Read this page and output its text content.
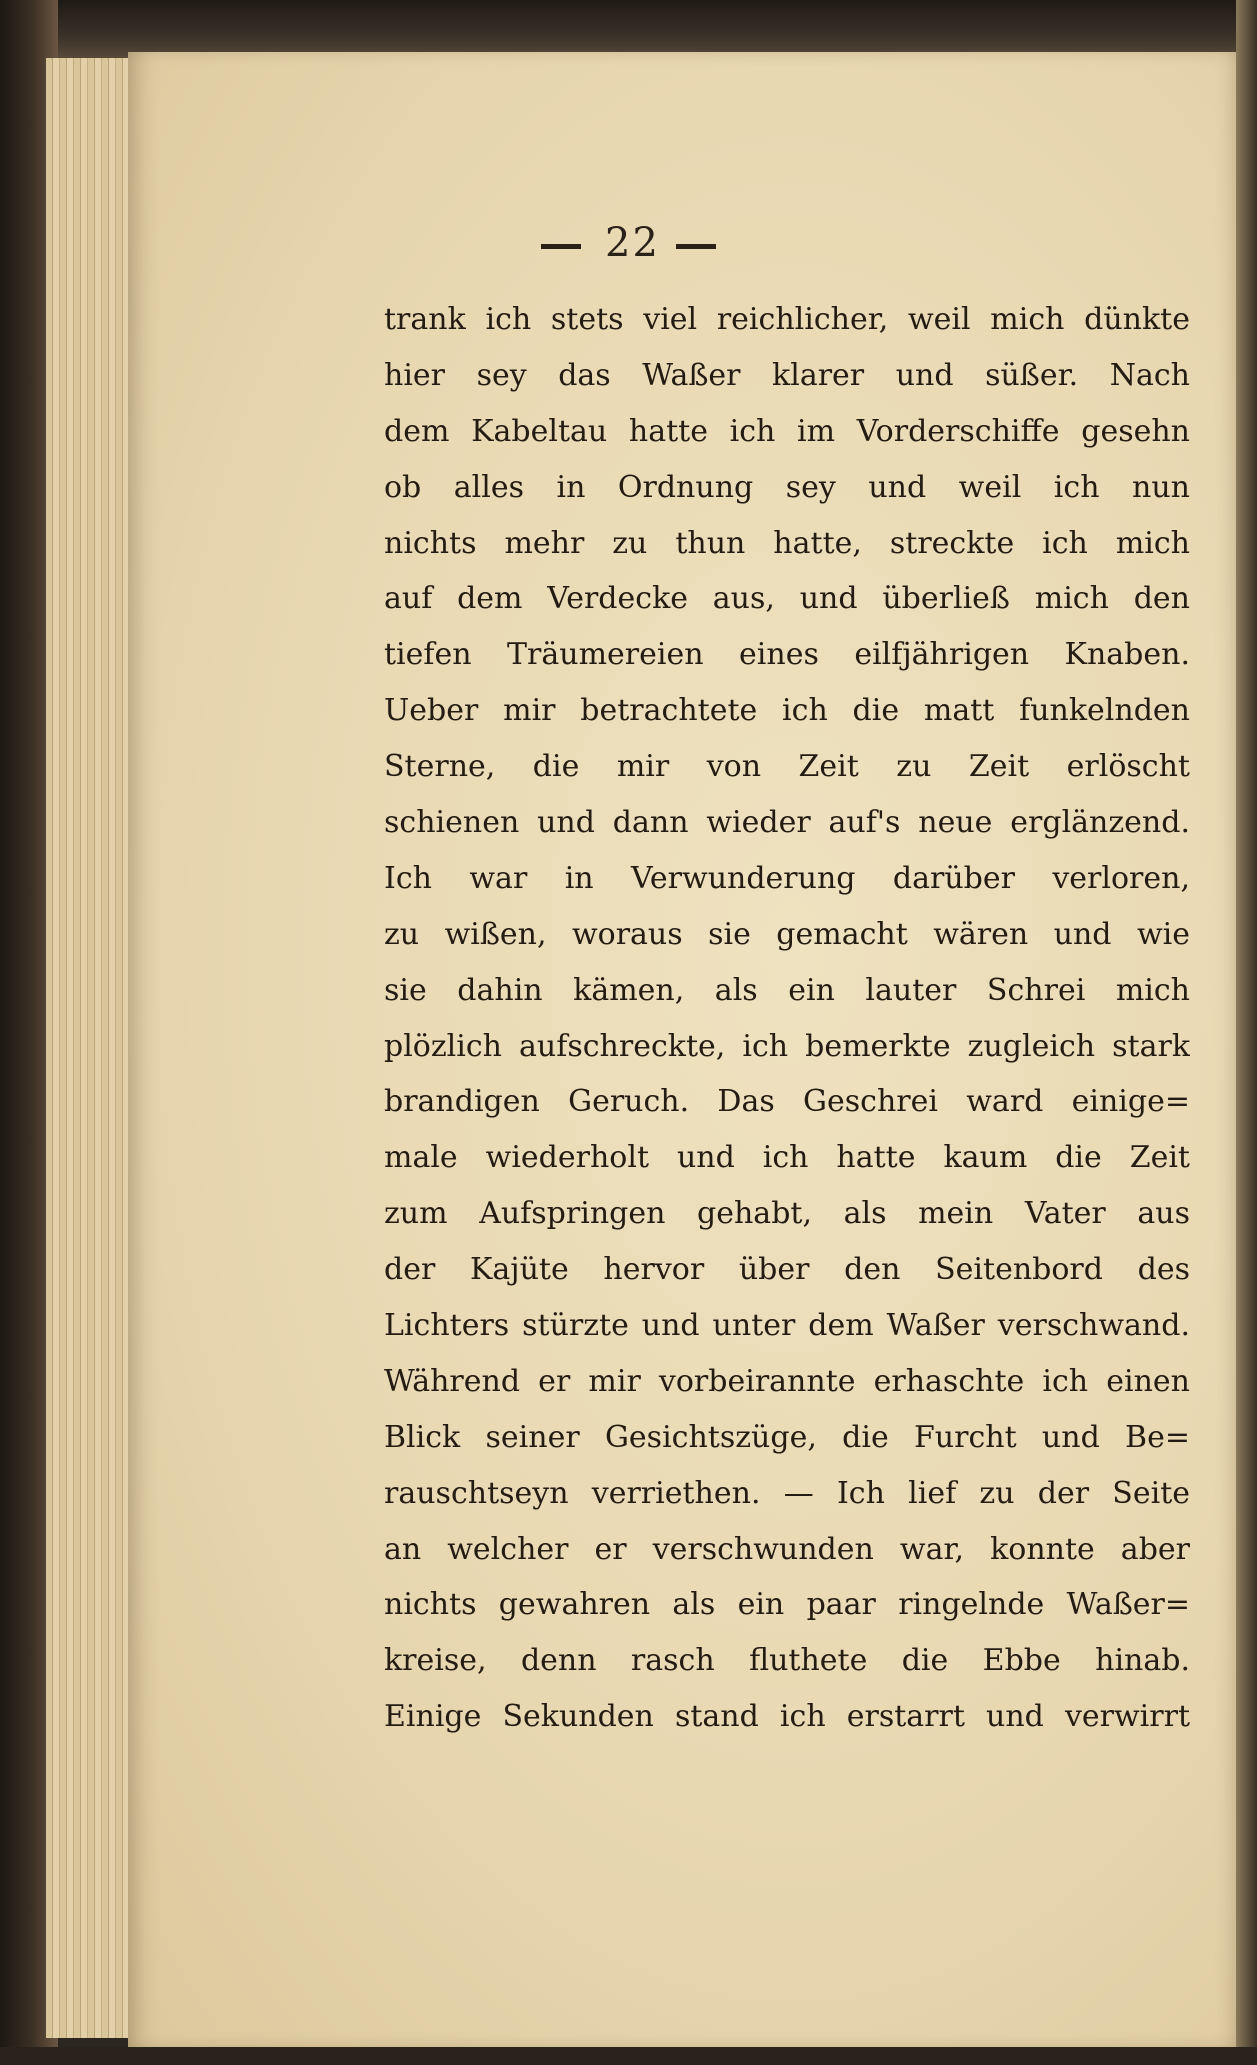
22
trank ich stets viel reichlicher, weil mich dünkte
hier sey das Waßer klarer und süßer. Nach
dem Kabeltau hatte ich im Vorderschiffe gesehn
ob alles in Ordnung sey und weil ich nun
nichts mehr zu thun hatte, streckte ich mich
auf dem Verdecke aus, und überließ mich den
tiefen Träumereien eines eilfjährigen Knaben.
Ueber mir betrachtete ich die matt funkelnden
Sterne, die mir von Zeit zu Zeit erlöscht
schienen und dann wieder auf's neue erglänzend.
Ich war in Verwunderung darüber verloren,
zu wißen, woraus sie gemacht wären und wie
sie dahin kämen, als ein lauter Schrei mich
plözlich aufschreckte, ich bemerkte zugleich stark
brandigen Geruch. Das Geschrei ward einige=
male wiederholt und ich hatte kaum die Zeit
zum Aufspringen gehabt, als mein Vater aus
der Kajüte hervor über den Seitenbord des
Lichters stürzte und unter dem Waßer verschwand.
Während er mir vorbeirannte erhaschte ich einen
Blick seiner Gesichtszüge, die Furcht und Be=
rauschtseyn verriethen. — Ich lief zu der Seite
an welcher er verschwunden war, konnte aber
nichts gewahren als ein paar ringelnde Waßer=
kreise, denn rasch fluthete die Ebbe hinab.
Einige Sekunden stand ich erstarrt und verwirrt
